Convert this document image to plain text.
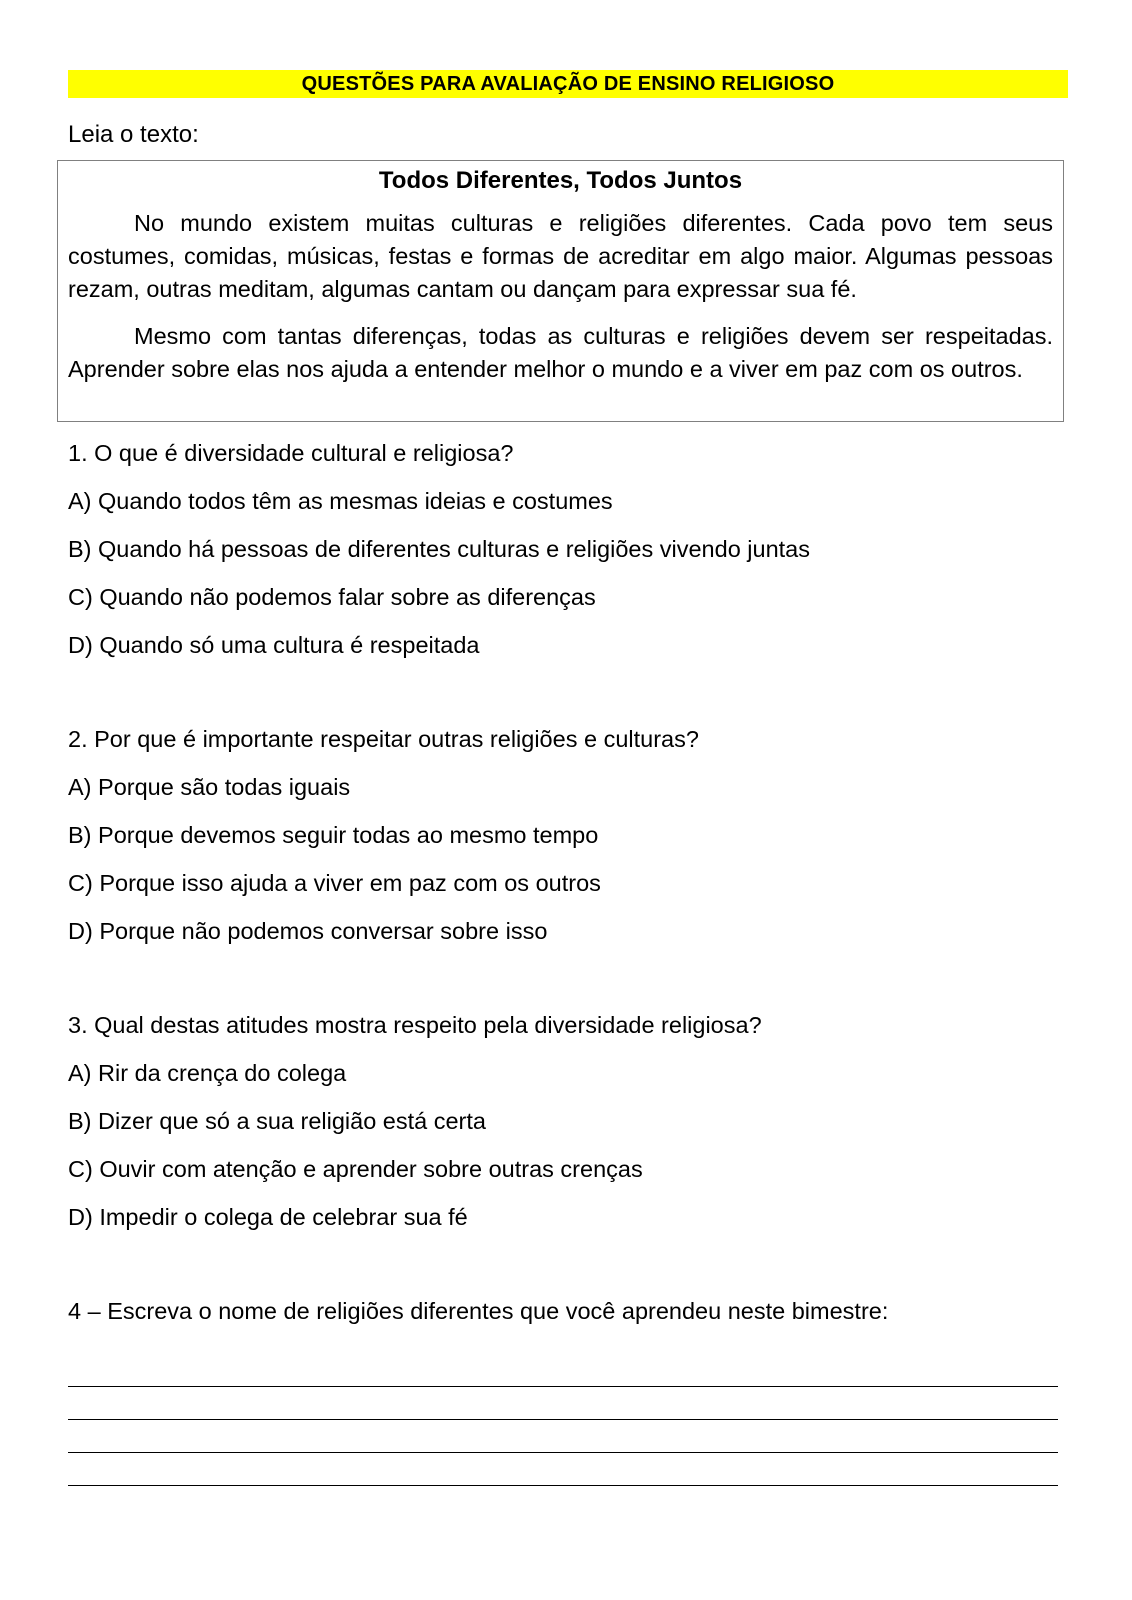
QUESTÕES PARA AVALIAÇÃO DE ENSINO RELIGIOSO
Leia o texto:
Todos Diferentes, Todos Juntos

No mundo existem muitas culturas e religiões diferentes. Cada povo tem seus costumes, comidas, músicas, festas e formas de acreditar em algo maior. Algumas pessoas rezam, outras meditam, algumas cantam ou dançam para expressar sua fé.

Mesmo com tantas diferenças, todas as culturas e religiões devem ser respeitadas. Aprender sobre elas nos ajuda a entender melhor o mundo e a viver em paz com os outros.

1. O que é diversidade cultural e religiosa?
A) Quando todos têm as mesmas ideias e costumes
B) Quando há pessoas de diferentes culturas e religiões vivendo juntas
C) Quando não podemos falar sobre as diferenças
D) Quando só uma cultura é respeitada
2. Por que é importante respeitar outras religiões e culturas?
A) Porque são todas iguais
B) Porque devemos seguir todas ao mesmo tempo
C) Porque isso ajuda a viver em paz com os outros
D) Porque não podemos conversar sobre isso
3. Qual destas atitudes mostra respeito pela diversidade religiosa?
A) Rir da crença do colega
B) Dizer que só a sua religião está certa
C) Ouvir com atenção e aprender sobre outras crenças
D) Impedir o colega de celebrar sua fé
4 – Escreva o nome de religiões diferentes que você aprendeu neste bimestre:
